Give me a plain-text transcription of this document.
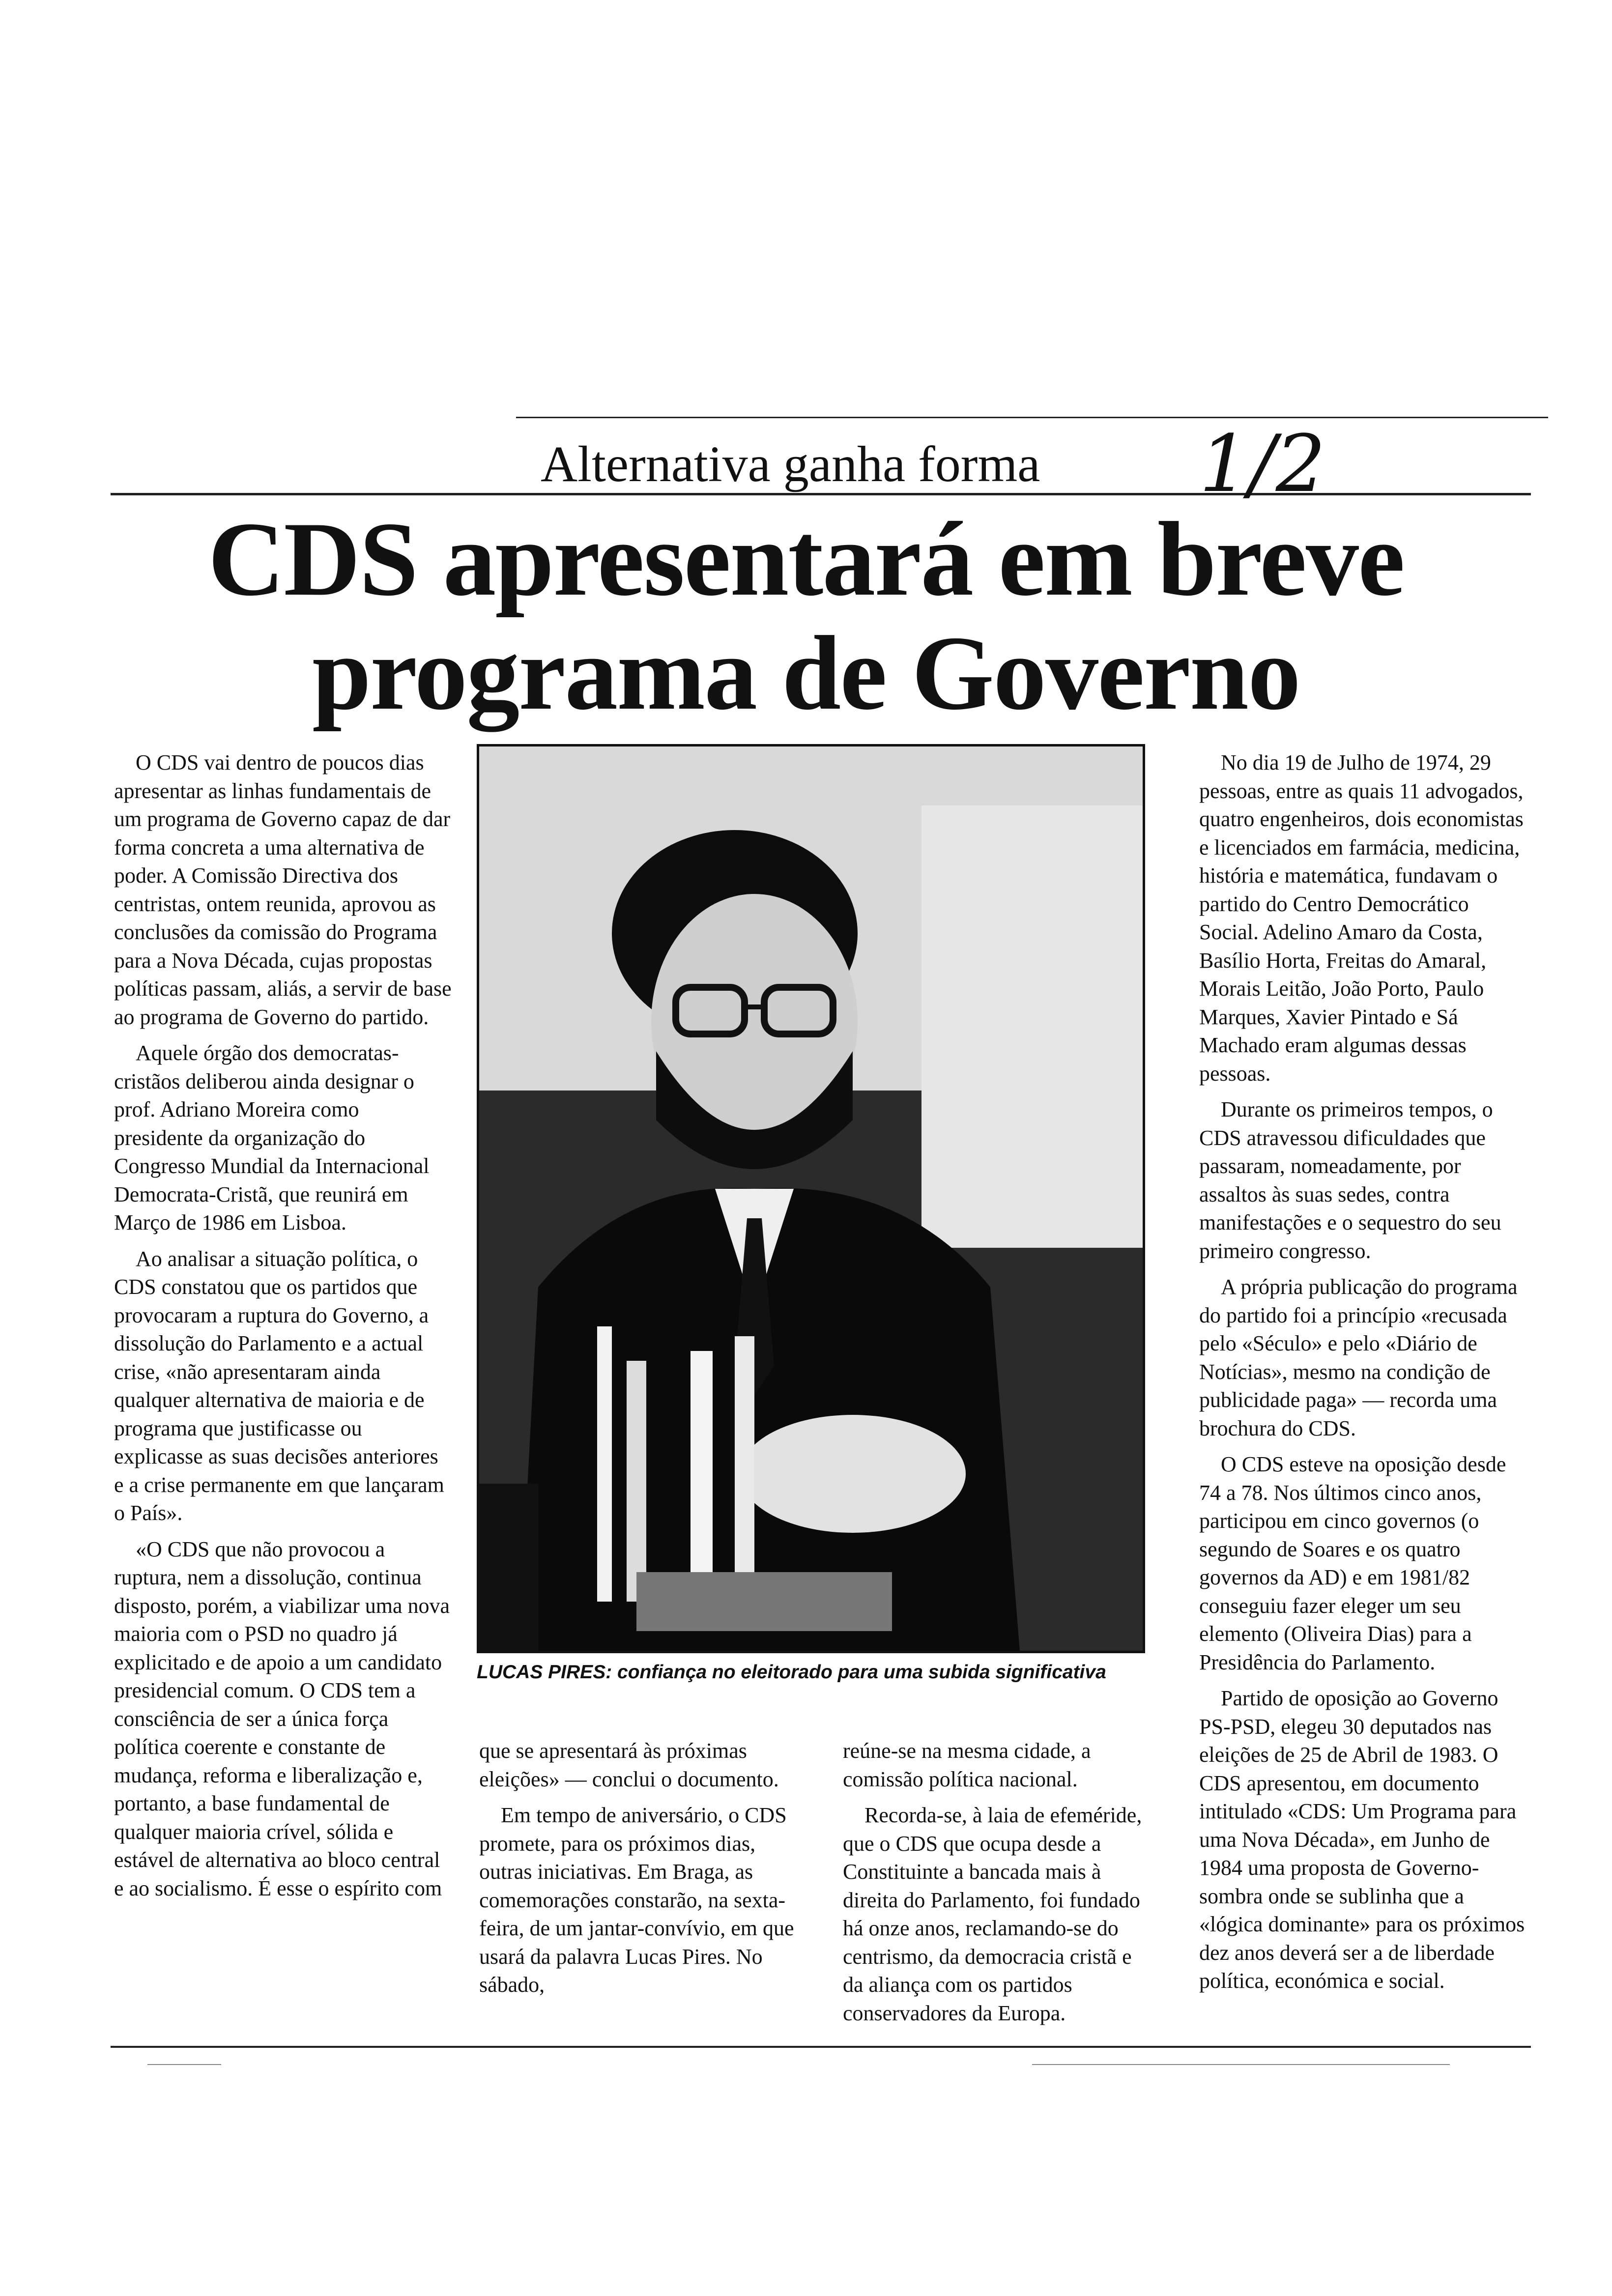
Alternativa ganha forma 1/2
CDS apresentará em breve
programa de Governo

O CDS vai dentro de poucos dias apresentar as linhas fundamentais de um programa de Governo capaz de dar forma concreta a uma alternativa de poder. A Comissão Directiva dos centristas, ontem reunida, aprovou as conclusões da comissão do Programa para a Nova Década, cujas propostas políticas passam, aliás, a servir de base ao programa de Governo do partido.

Aquele órgão dos democratas-cristãos deliberou ainda designar o prof. Adriano Moreira como presidente da organização do Congresso Mundial da Internacional Democrata-Cristã, que reunirá em Março de 1986 em Lisboa.

Ao analisar a situação política, o CDS constatou que os partidos que provocaram a ruptura do Governo, a dissolução do Parlamento e a actual crise, «não apresentaram ainda qualquer alternativa de maioria e de programa que justificasse ou explicasse as suas decisões anteriores e a crise permanente em que lançaram o País».

«O CDS que não provocou a ruptura, nem a dissolução, continua disposto, porém, a viabilizar uma nova maioria com o PSD no quadro já explicitado e de apoio a um candidato presidencial comum. O CDS tem a consciência de ser a única força política coerente e constante de mudança, reforma e liberalização e, portanto, a base fundamental de qualquer maioria crível, sólida e estável de alternativa ao bloco central e ao socialismo. É esse o espírito com

LUCAS PIRES: confiança no eleitorado para uma subida significativa

que se apresentará às próximas eleições» — conclui o documento.

Em tempo de aniversário, o CDS promete, para os próximos dias, outras iniciativas. Em Braga, as comemorações constarão, na sexta-feira, de um jantar-convívio, em que usará da palavra Lucas Pires. No sábado,

reúne-se na mesma cidade, a comissão política nacional.

Recorda-se, à laia de efeméride, que o CDS que ocupa desde a Constituinte a bancada mais à direita do Parlamento, foi fundado há onze anos, reclamando-se do centrismo, da democracia cristã e da aliança com os partidos conservadores da Europa.

No dia 19 de Julho de 1974, 29 pessoas, entre as quais 11 advogados, quatro engenheiros, dois economistas e licenciados em farmácia, medicina, história e matemática, fundavam o partido do Centro Democrático Social. Adelino Amaro da Costa, Basílio Horta, Freitas do Amaral, Morais Leitão, João Porto, Paulo Marques, Xavier Pintado e Sá Machado eram algumas dessas pessoas.

Durante os primeiros tempos, o CDS atravessou dificuldades que passaram, nomeadamente, por assaltos às suas sedes, contra manifestações e o sequestro do seu primeiro congresso.

A própria publicação do programa do partido foi a princípio «recusada pelo «Século» e pelo «Diário de Notícias», mesmo na condição de publicidade paga» — recorda uma brochura do CDS.

O CDS esteve na oposição desde 74 a 78. Nos últimos cinco anos, participou em cinco governos (o segundo de Soares e os quatro governos da AD) e em 1981/82 conseguiu fazer eleger um seu elemento (Oliveira Dias) para a Presidência do Parlamento.

Partido de oposição ao Governo PS-PSD, elegeu 30 deputados nas eleições de 25 de Abril de 1983. O CDS apresentou, em documento intitulado «CDS: Um Programa para uma Nova Década», em Junho de 1984 uma proposta de Governo-sombra onde se sublinha que a «lógica dominante» para os próximos dez anos deverá ser a de liberdade política, económica e social.
